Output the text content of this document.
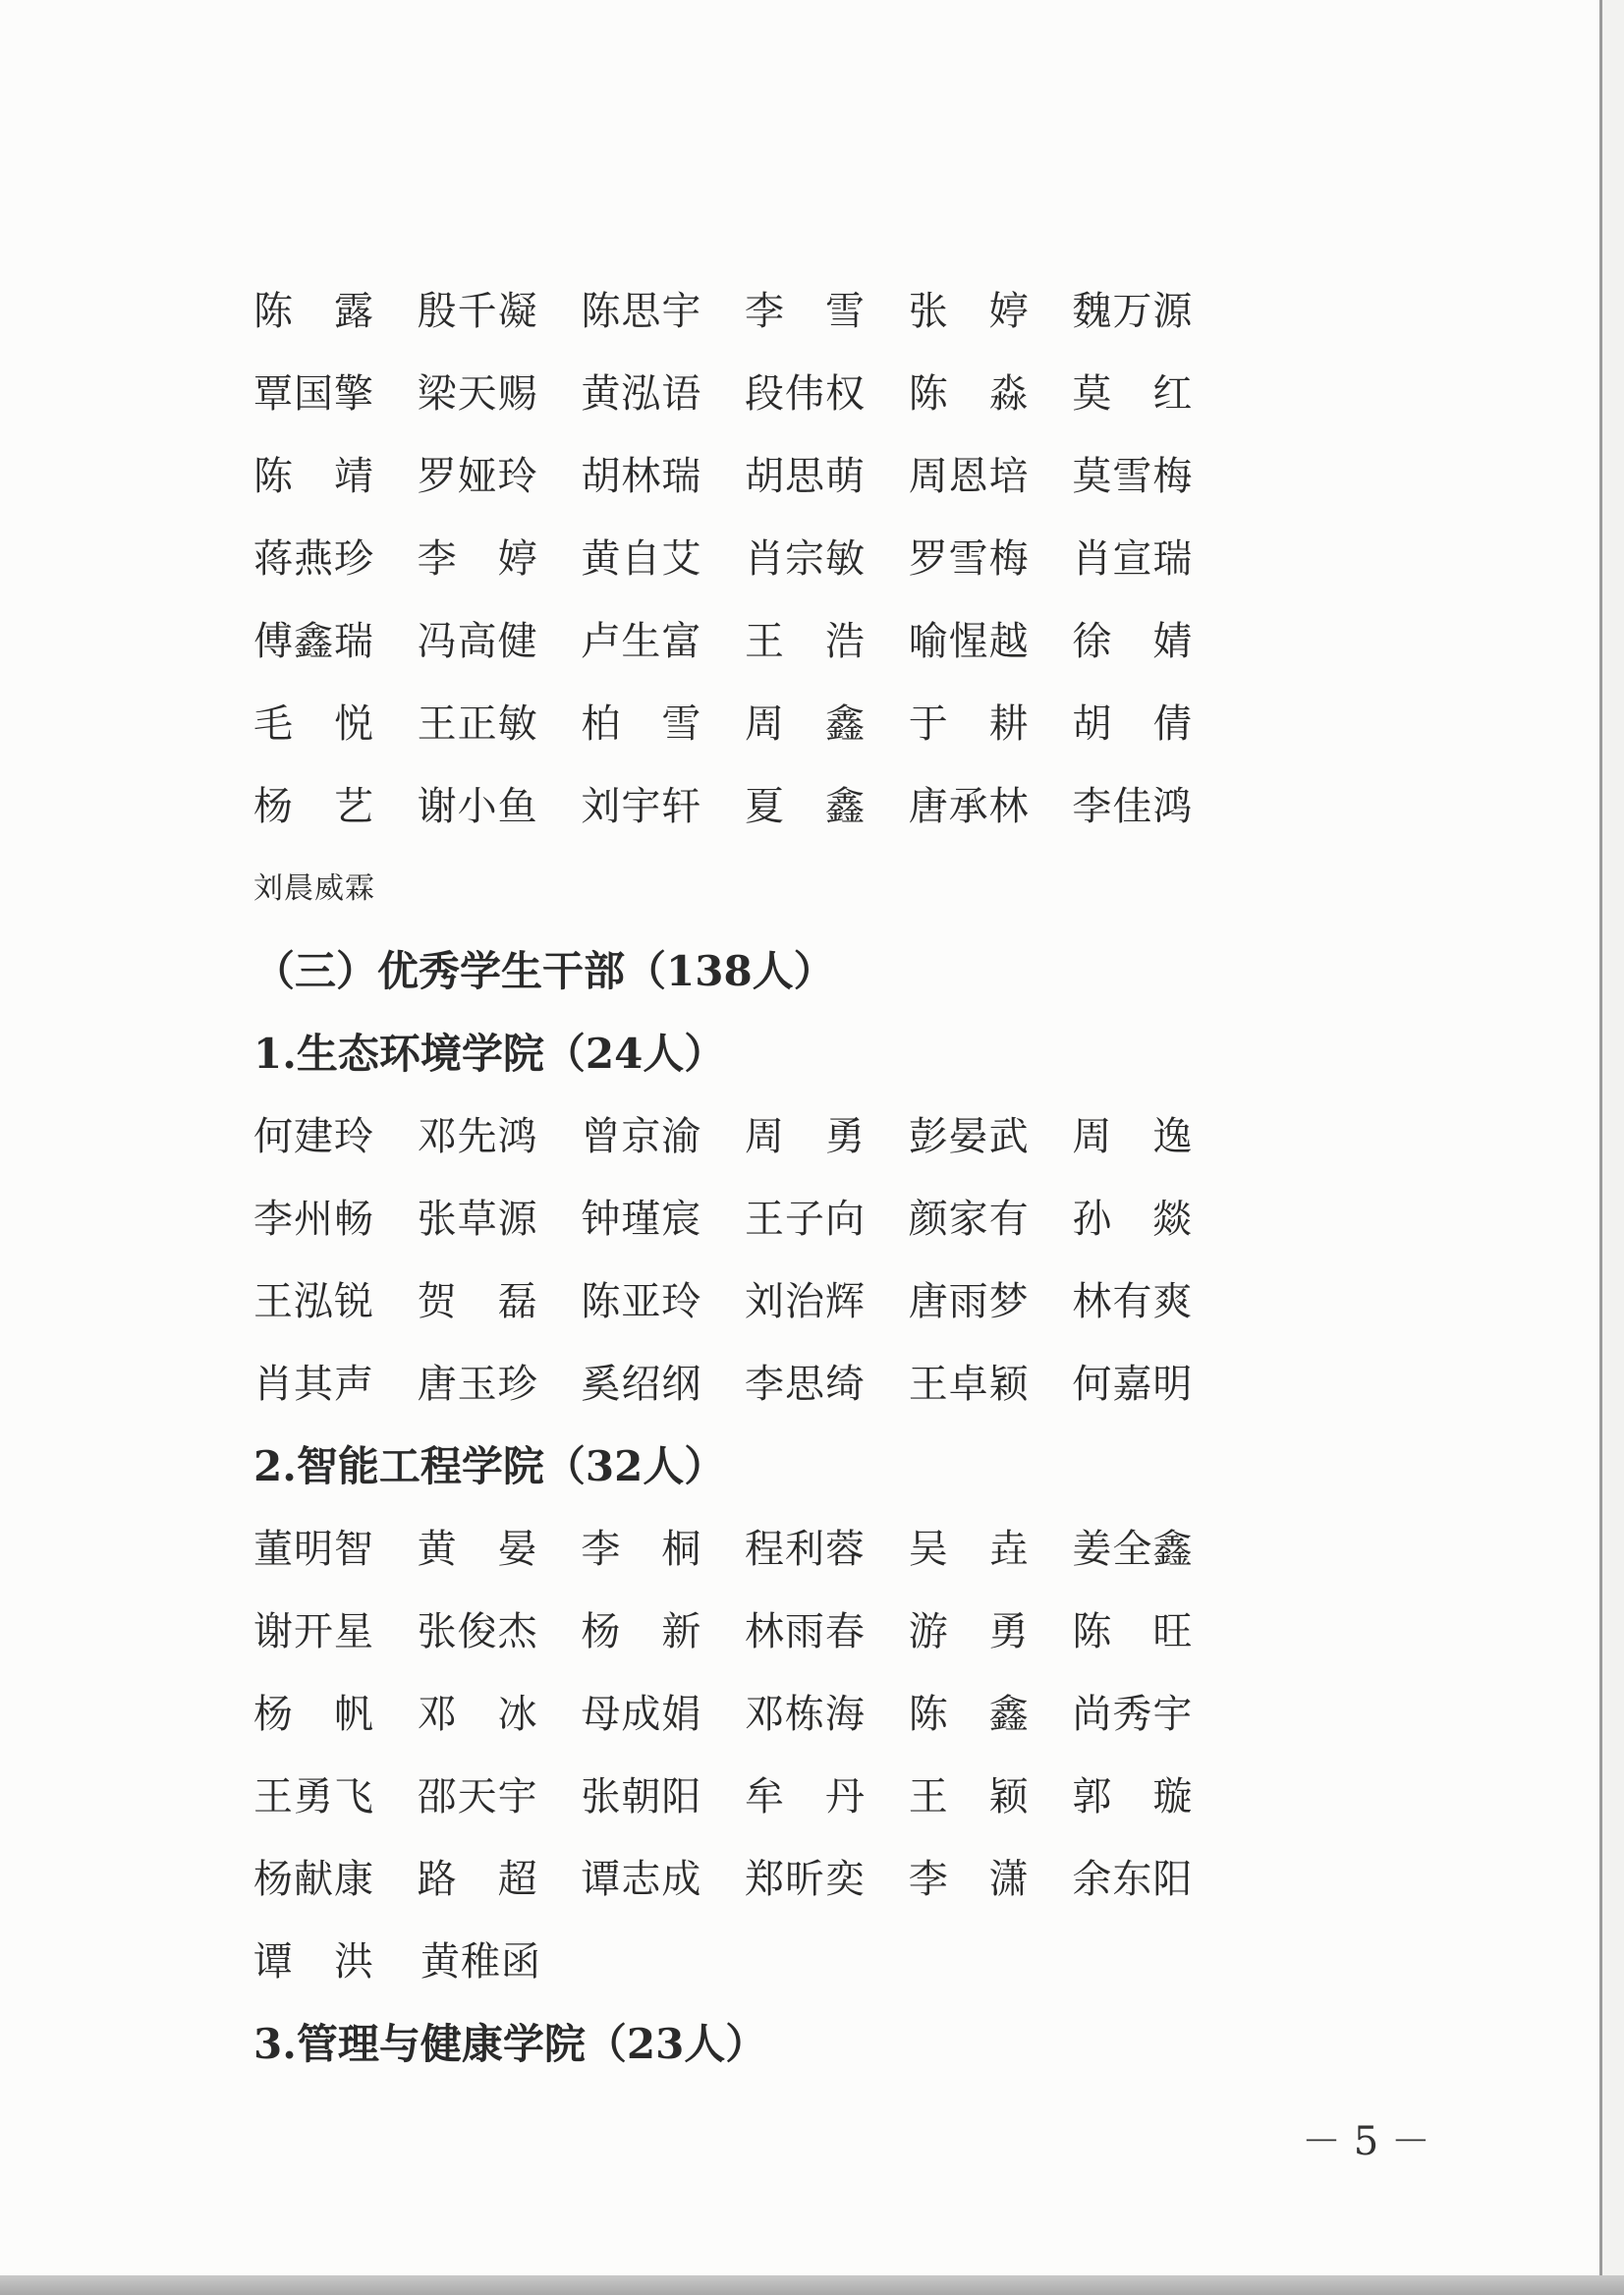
陈　露	殷千凝	陈思宇	李　雪	张　婷	魏万源
覃国擎	梁天赐	黄泓语	段伟权	陈　淼	莫　红
陈　靖	罗娅玲	胡林瑞	胡思萌	周恩培	莫雪梅
蒋燕珍	李　婷	黄自艾	肖宗敏	罗雪梅	肖宣瑞
傅鑫瑞	冯高健	卢生富	王　浩	喻惺越	徐　婧
毛　悦	王正敏	柏　雪	周　鑫	于　耕	胡　倩
杨　艺	谢小鱼	刘宇轩	夏　鑫	唐承林	李佳鸿
刘晨威霖
（三）优秀学生干部（138人）
1.生态环境学院（24人）
何建玲	邓先鸿	曾京渝	周　勇	彭晏武	周　逸
李州畅	张草源	钟瑾宸	王子向	颜家有	孙　燚
王泓锐	贺　磊	陈亚玲	刘治辉	唐雨梦	林有爽
肖其声	唐玉珍	奚绍纲	李思绮	王卓颖	何嘉明
2.智能工程学院（32人）
董明智	黄　晏	李　桐	程利蓉	吴　垚	姜全鑫
谢开星	张俊杰	杨　新	林雨春	游　勇	陈　旺
杨　帆	邓　冰	母成娟	邓栋海	陈　鑫	尚秀宇
王勇飞	邵天宇	张朝阳	牟　丹	王　颖	郭　璇
杨献康	路　超	谭志成	郑昕奕	李　潇	余东阳
谭　洪	黄稚函
3.管理与健康学院（23人）
－ 5 －
